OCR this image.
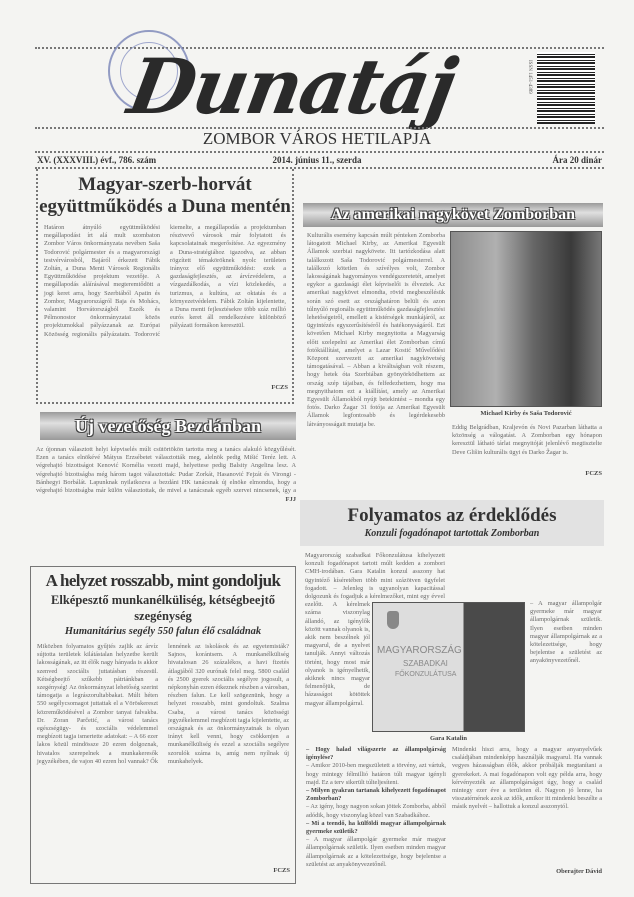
Dunatáj	ISSN 1451-4389
ZOMBOR VÁROS HETILAPJA
XV. (XXXVIII.) évf., 786. szám	2014. június 11., szerda	Ára 20 dinár
Magyar-szerb-horvát
együttműködés a Duna mentén
Határon átnyúló együttműködési megállapodást írt alá mult szombaton Zombor Város önkormányzata nevében Saša Todorović polgármester és a magyarországi testvérvárosból, Bajáról érkezett Fábik Zoltán, a Duna Menti Városok Regionális Együttműködése projektum vezetője. A megállapodás aláírásával megteremtődött a jogi keret arra, hogy Szerbiából Apatin és Zombor, Magyarországról Baja és Mohács, valamint Horvátországból Eszék és Pélmonostor önkormányzatai közös projektumokkal pályázzanak az Európai Közösség regionális pályázatain. Todorović kiemelte, a megállapodás a projektumban résztvevő városok már folytatott és kapcsolatainak megerősítése. Az egyezmény a Duna-stratégiához igazodva, az abban rögzített témaköröknek nyolc területen irányoz elő együttműködést: ezek a gazdaságfejlesztés, az árvízvédelem, a vízgazdálkodás, a vízi közlekedés, a turizmus, a kultúra, az oktatás és a környezetvédelem. Fábik Zoltán kijelentette, a Duna menti fejlesztésekre több száz millió eurós keret áll rendelkezésre különböző pályázati formákon keresztül.
FCZS
Az amerikai nagykövet Zomborban
Kulturális esemény kapcsán múlt pénteken Zomborba látogatott Michael Kirby, az Amerikai Egyesült Államok szerbiai nagykövete. Itt tartózkodása alatt találkozott Saša Todorović polgármesterrel. A találkozó kötetlen és szívélyes volt, Zombor lakosságának hagyományos vendégszeretetét, amelyet egykor a gazdasági élet képviselői is élveztek. Az amerikai nagykövet elmondta, rövid megbeszélésük során szó esett az országhatáron belüli és azon túlnyúló regionális együttműködés gazdaságfejlesztési lehetőségeiről, emellett a kistérségek munkájáról, az ügyintézés egyszerűsítéséről és hatékonyságáról. Ezt követően Michael Kirby megnyitotta a Magyarság előtt szelepelni az Amerikai élet Zomborban című fotókiállítást, amelyet a Lazar Kostić Művelődési Központ szervezett az amerikai nagykövetség támogatásával. – Abban a kiváltságban volt részem, hogy hetek óta Szerbiában gyönyörködhettem az ország szép tájaiban, és felfedezhettem, hogy ma megnyithatom ezt a kiállítást, amely az Amerikai Egyesült Államokból nyújt betekintést – mondta egy fotós. Darko Žagar 31 fotója az Amerikai Egyesült Államok legfontosabb és legérdekesebb látványosságait mutatja be.
Michael Kirby és Saša Todorović
Eddig Belgrádban, Kraljevón és Novi Pazarban láthatta a közönség a válogatást. A Zomborban egy hónapon keresztül látható tárlat megnyitóját jelenlévő megtisztelte Deve Glišin kulturális ügyi és Darko Žagar is.
FCZS
Új vezetőség Bezdánban
Az újonnan választott helyi képviselés múlt csütörtökön tartotta meg a tanács alakuló közgyűlését. Ezen a tanács elnökévé Mátyus Erzsébetet választották meg, alelnök pedig Mišić Teréz lett. A végrehajtó bizottságot Kenović Kornélia vezeti majd, helyettese pedig Balsity Angelina lesz. A végrehajtó bizottságba még három tagot választottak: Pudar Zorkát, Hasanović Fejzát és Virongi - Bánhegyi Borbálát. Lapunknak nyilatkozva a bezdáni HK tanácsnak új elnöke elmondta, hogy a végrehajtó bizottságba már külön választottak, de mivel a tanácsnak egyéb szervei nincsenek, így a
FJJ
Folyamatos az érdeklődés
Konzuli fogadónapot tartottak Zomborban
Magyarország szabadkai Főkonzulátusa kihelyezett konzuli fogadónapot tartott múlt kedden a zombori CMH-irodában. Gara Katalin konzul asszony hat ügyintéző kíséretében több mint százötven ügyfelet fogadott. – Jelenleg is ugyanolyan kapacitással dolgozunk és fogadjuk a kérelmezőket, mint egy évvel ezelőtt. A kérelmek száma viszonylag állandó, az igénylők között vannak olyanok is, akik nem beszélnek jól magyarul, de a nyelvet tanulják. Annyi változás történt, hogy most már olyanok is igényelhetik, akiknek nincs magyar felmenőjük, de házasságot kötöttek magyar állampolgárral.
MAGYARORSZÁG
SZABADKAI
FŐKONZULÁTUSA
Gara Katalin
– Hogy halad világszerte az állampolgárság igénylése?
– Amikor 2010-ben megszületett a törvény, azt vártuk, hogy mintegy félmillió határon túli magyar igényli majd. Ez a terv sikerült túlteljesíteni.
– Milyen gyakran tartanak kihelyezett fogadónapot Zomborban?
– Az igény, hogy nagyon sokan jöttek Zomborba, abból adódik, hogy viszonylag közel van Szabadkához.
– Mi a teendő, ha külföldi magyar állampolgárnak gyermeke születik?
– A magyar állampolgár gyermeke már magyar állampolgárnak születik. Ilyen esetben minden magyar állampolgárnak az a kötelezettsége, hogy bejelentse a születést az anyakönyvezetőnél.
– A magyar állampolgár gyermeke már magyar állampolgárnak születik. Ilyen esetben minden magyar állampolgárnak az a kötelezettsége, hogy bejelentse a születést az anyakönyvezetőnél.
Mindenki hiszi arra, hogy a magyar anyanyelvűek családjában mindenképp használják magyarul. Ha vannak vegyes házasságban élők, akkor próbálják megtanítani a gyerekeket. A mai fogadónapon volt egy példa arra, hogy kérvényezték az állampolgárságot úgy, hogy a család mintegy ezer éve a területen él. Nagyon jó lenne, ha visszatérnének azok az idők, amikor itt mindenki beszélte a másik nyelvét – hallottuk a konzul asszonytól.
Oberajter Dávid
A helyzet rosszabb, mint gondoljuk
Elképesztő munkanélküliség, kétségbeejtő
szegénység
Humanitárius segély 550 falun élő családnak
Miközben folyamatos gyűjtés zajlik az árvíz sújtotta területek kilátástalan helyzetbe került lakosságának, az itt élők nagy hányada is akkor szenved szociális juttatásban részesül. Kétségbeejtő szűkebb pátriánkban a szegénység! Az önkormányzat lehetőség szerint támogatja a legrászorultabbakat. Múlt héten 550 segélycsomagot juttattak el a Vöröskereszt közreműködésével a Zombor tanyai falvakba. Dr. Zoran Parčetić, a városi tanács egészségügy- és szociális védelemmel megbízott tagja ismertette adatokat: – A 66 ezer lakos közül mindössze 20 ezren dolgoznak, hivatalos szerepelnek a munkakeresők jegyzékében, de vajon 40 ezren hol vannak? Ők lennének az iskolások és az egyetemisták? Sajnos, korántsem. A munkanélküliség hivatalosan 26 százalékos, a havi fizetés átlagjából 320 eurónak felel meg. 5800 család és 2500 gyerek szociális segélyre jogosult, a népkonyhán ezren étkeznek részben a városban, részben falun. Le kell szögeznünk, hogy a helyzet rosszabb, mint gondoltuk. Szalma Csaba, a városi tanács közösségi jegyzékelemmel megbízott tagja kijelentette, az országnak és az önkormányzatnak is olyan irányt kell venni, hogy csökkenjen a munkanélküliség és ezzel a szociális segélyre szorulók száma is, amíg nem nyílnak új munkahelyek.
FCZS
